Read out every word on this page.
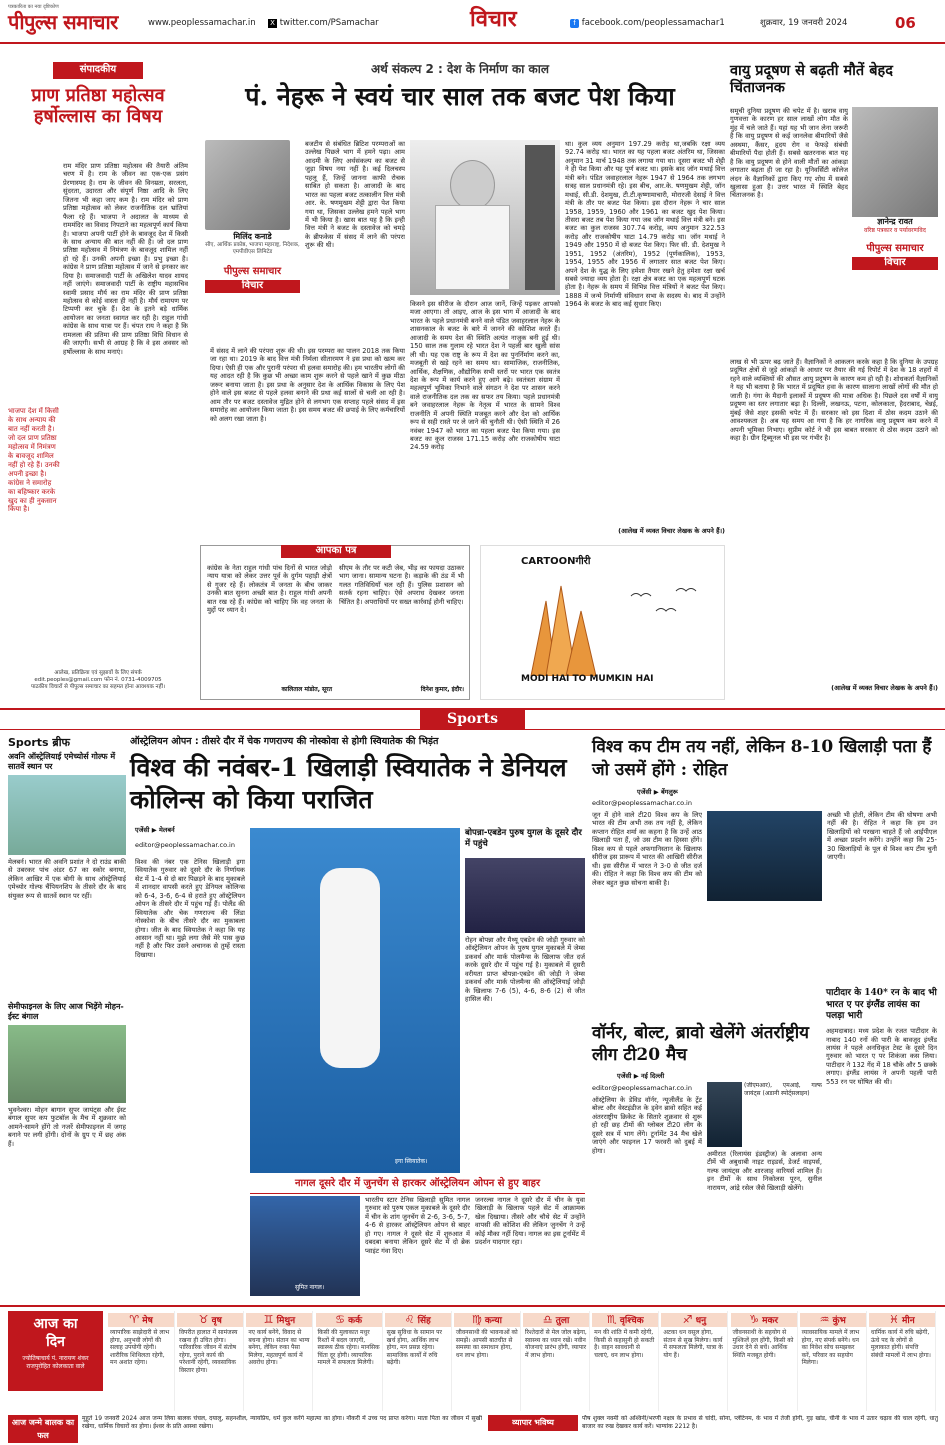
पत्रकारिता का नया दृष्टिकोण
पीपुल्स समाचार	www.peoplessamachar.in X twitter.com/PSamachar	विचार	f facebook.com/peoplessamachar1	शुक्रवार, 19 जनवरी 2024	06
संपादकीय
प्राण प्रतिष्ठा महोत्सव हर्षोल्लास का विषय
राम मंदिर प्राण प्रतिष्ठा महोत्सव की तैयारी अंतिम चरण में है। राम के जीवन का एक-एक प्रसंग प्रेरणास्पद है। राम के जीवन की विनम्रता, सरलता, सुंदरता, उदारता और संपूर्ण निष्ठा आदि के लिए जितना भी कहा जाए कम है। राम मंदिर को प्राण प्रतिष्ठा महोत्सव को लेकर राजनीतिक दल भ्रांतियां फैला रहे हैं। भाजपा ने अदालत के माध्यम से राममंदिर का विवाद निपटाने का महत्वपूर्ण कार्य किया है। भाजपा अपनी पार्टी होने के बावजूद देश में किसी के साथ अन्याय की बात नहीं की है। जो दल प्राण प्रतिष्ठा महोत्सव में निमंत्रण के बावजूद शामिल नहीं हो रहे हैं। उनकी अपनी इच्छा है। प्रभु इच्छा है। कांग्रेस ने प्राण प्रतिष्ठा महोत्सव में जाने से इनकार कर दिया है। समाजवादी पार्टी के अखिलेश यादव शायद नहीं जाएंगे। समाजवादी पार्टी के राष्ट्रीय महासचिव स्वामी प्रसाद मौर्य का राम मंदिर की प्राण प्रतिष्ठा महोत्सव से कोई वास्ता ही नहीं है। मौर्य रामायण पर टिप्पणी कर चुके हैं। देश के इतने बड़े धार्मिक आयोजन का जनता स्वागत कर रही है। राहुल गांधी कांग्रेस के साथ यात्रा पर हैं। चंपत राय ने कहा है कि रामलला की प्रतिमा की प्राण प्रतिष्ठा विधि विधान से की जाएगी। सभी से आग्रह है कि वे इस अवसर को हर्षोल्लास के साथ मनाएं।
भाजपा देश में किसी के साथ अन्याय की बात नहीं करती है। जो दल प्राण प्रतिष्ठा महोत्सव में निमंत्रण के बावजूद शामिल नहीं हो रहे हैं। उनकी अपनी इच्छा है। कांग्रेस ने समारोह का बहिष्कार करके खुद का ही नुकसान किया है।
आलेख, प्रतिक्रिया एवं सुझावों के लिए संपर्क
edit.peoples@gmail.com फोन नं. 0731-4009705
पाठकीय विचारों से पीपुल्स समाचार का सहमत होना आवश्यक नहीं।
अर्थ संकल्प 2 : देश के निर्माण का काल
पं. नेहरू ने स्वयं चार साल तक बजट पेश किया
मिलिंद कनाडे
सीए, आर्थिक प्रकोष्ठ, भाजपा महाराष्ट्र, निदेशक, एमपीवीएस लिमिटेड
पीपुल्स समाचार
विचार
बजटीय से संबंधित ब्रिटिश परम्पराओं का उल्लेख पिछले भाग में हमने पढ़ा। आम आदमी के लिए अर्थसंकल्प का बजट से जुड़ा विषय नया नहीं है। कई दिलचस्प पहलू हैं, जिन्हें जानना काफी रोचक साबित हो सकता है। आजादी के बाद भारत का पहला बजट तत्कालीन वित्त मंत्री आर. के. षणमुखम शेट्टी द्वारा पेश किया गया था, जिसका उल्लेख हमने पहले भाग में भी किया है। खास बात यह है कि इन्ही वित्त मंत्री ने बजट के दस्तावेज को चमड़े के ब्रीफकेस में संसद में लाने की परंपरा शुरू की थी।
में संसद में लाने की परंपरा शुरू की थी। इस परम्परा का पालन 2018 तक किया जा रहा था। 2019 के बाद वित्त मंत्री निर्मला सीतारमण ने इस प्रथा को खत्म कर दिया। ऐसी ही एक और पुरानी परंपरा थी हलवा समारोह की। हम भारतीय लोगों की यह आदत रही है कि कुछ भी अच्छा काम शुरू करने से पहले खाने में कुछ मीठा जरूर बनाया जाता है। इस प्रथा के अनुसार देश के आर्थिक विकास के लिए पेश होने वाले इस बजट से पहले हलवा बनाने की प्रथा कई सालों से चली आ रही है। आम तौर पर बजट दस्तावेज मुद्रित होने से लगभग एक सप्ताह पहले संसद में इस समारोह का आयोजन किया जाता है। इस समय बजट की छपाई के लिए कर्मचारियों को अलग रखा जाता है।
किसने इस सीरीज के दौरान आज जानें, जिन्हें पढ़कर आपको मजा आएगा। तो आइए, आज के इस भाग में आजादी के बाद भारत के पहले प्रधानमंत्री बनने वाले पंडित जवाहरलाल नेहरू के शासनकाल के बजट के बारे में जानने की कोशिश करते हैं। आजादी के समय देश की स्थिति अत्यंत नाजुक बनी हुई थी। 150 साल तक गुलाम रहे भारत देश ने पहली बार खुली सांस ली थी। यह एक राष्ट्र के रूप में देश का पुनर्निर्माण करने का, मजबूती से खड़े रहने का समय था। सामाजिक, राजनीतिक, आर्थिक, शैक्षणिक, औद्योगिक सभी स्तरों पर भारत एक स्वतंत्र देश के रूप में कार्य करने हुए आगे बढ़े। स्वतंत्रता संग्राम में महत्वपूर्ण भूमिका निभाने वाले संगठन ने देश पर शासन करने वाले राजनीतिक दल तक का सफर तय किया। पहले प्रधानमंत्री बने जवाहरलाल नेहरू के नेतृत्व में भारत के सामने विश्व राजनीति में अपनी स्थिति मजबूत करने और देश को आर्थिक रूप से सही रास्ते पर ले जाने की चुनौती थी। ऐसी स्थिति में 26 नवंबर 1947 को भारत का पहला बजट पेश किया गया। इस बजट का कुल राजस्व 171.15 करोड़ और राजकोषीय घाटा 24.59 करोड़
था। कुल व्यय अनुमान 197.29 करोड़ था,जबकि रक्षा व्यय 92.74 करोड़ था। भारत का यह पहला बजट अंतरिम था, जिसका अनुमान 31 मार्च 1948 तक लगाया गया था। दूसरा बजट भी शेट्टी ने ही पेश किया और यह पूर्ण बजट था। इसके बाद जॉन मथाई वित्त मंत्री बने। पंडित जवाहरलाल नेहरू 1947 से 1964 तक लगभग सत्रह साल प्रधानमंत्री रहे। इस बीच, आर.के. षणमुखम शेट्टी, जॉन मथाई, सी.डी. देशमुख, टी.टी.कृष्णामाचारी, मोरारजी देसाई ने वित्त मंत्री के तौर पर बजट पेश किया। इस दौरान नेहरू ने चार साल 1958, 1959, 1960 और 1961 का बजट खुद पेश किया। तीसरा बजट तब पेश किया गया जब जॉन मथाई वित्त मंत्री बने। इस बजट का कुल राजस्व 307.74 करोड़, व्यय अनुमान 322.53 करोड़ और राजकोषीय घाटा 14.79 करोड़ था। जॉन मथाई ने 1949 और 1950 में दो बजट पेश किए। फिर सी. डी. देशमुख ने 1951, 1952 (अंतरिम), 1952 (पूर्णकालिक), 1953, 1954, 1955 और 1956 में लगातार सात बजट पेश किए। अपने देश के युद्ध के लिए हमेशा तैयार रखने हेतु हमेशा रक्षा खर्च सबसे ज्यादा व्यय होता है। रक्षा क्षेत्र बजट का एक महत्वपूर्ण घटक होता है। नेहरू के समय में विभिन्न वित्त मंत्रियों ने बजट पेश किए। 1888 में जन्मे निर्माणी संविधान सभा के सदस्य थे। बाद में उन्होंने 1964 के बजट के बाद कई सुधार किए।
(आलेख में व्यक्त विचार लेखक के अपने हैं।)
वायु प्रदूषण से बढ़ती मौतें बेहद चिंताजनक
समूची दुनिया प्रदूषण की चपेट में है। खराब वायु गुणवत्ता के कारण हर साल लाखों लोग मौत के मुंह में चले जाते हैं। यहां यह भी जान लेना जरूरी है कि वायु प्रदूषण से कई जानलेवा बीमारियों जैसे अस्थमा, कैंसर, हृदय रोग व फेफड़े संबंधी बीमारियों पैदा होती हैं। सबसे खतरनाक बात यह है कि वायु प्रदूषण से होने वाली मौतों का आंकड़ा लगातार बढ़ता ही जा रहा है। यूनिवर्सिटी कॉलेज लंदन के वैज्ञानिकों द्वारा किए गए शोध में सबसे खुलासा हुआ है। उत्तर भारत में स्थिति बेहद चिंताजनक है।
ज्ञानेन्द्र रावत
वरिष्ठ पत्रकार व पर्यावरणविद
पीपुल्स समाचार
विचार
लाख से भी ऊपर बढ़ जाते हैं। वैज्ञानिकों ने आकलन करके कहा है कि दुनिया के उपग्रह प्रदूषित क्षेत्रों से जुड़े आंकड़ों के आधार पर तैयार की गई रिपोर्ट में देश के 18 शहरों में रहने वाले व्यक्तियों की औसत आयु प्रदूषण के कारण कम हो रही है। शोधकर्ता वैज्ञानिकों ने यह भी बताया है कि भारत में प्रदूषित हवा के कारण सालाना लाखों लोगों की मौत हो जाती है। गंगा के मैदानी इलाकों में प्रदूषण की मात्रा अधिक है। पिछले दस वर्षों में वायु प्रदूषण का स्तर लगातार बढ़ा है। दिल्ली, लखनऊ, पटना, कोलकाता, हैदराबाद, चेन्नई, मुंबई जैसे शहर इसकी चपेट में हैं। सरकार को इस दिशा में ठोस कदम उठाने की आवश्यकता है। अब यह समय आ गया है कि हर नागरिक वायु प्रदूषण कम करने में अपनी भूमिका निभाए। सुप्रीम कोर्ट ने भी इस बाबत सरकार से ठोस कदम उठाने को कहा है। ग्रीन ट्रिब्यूनल भी इस पर गंभीर है।
(आलेख में व्यक्त विचार लेखक के अपने हैं।)
आपका पत्र
कांग्रेस के नेता राहुल गांधी पांच दिनों से भारत जोड़ो न्याय यात्रा को लेकर उत्तर पूर्व के दुर्गम पहाड़ी क्षेत्रों से गुजर रहे हैं। लोकतंत्र में जनता के बीच जाकर उनकी बात सुनना अच्छी बात है। राहुल गांधी अपनी बात रख रहे हैं। कांग्रेस को चाहिए कि वह जनता के मुद्दों पर ध्यान दे।
कालिताल मांडोत, सूरत
सीएम के तौर पर कटी जेब, भीड़ का फायदा उठाकर भाग जाना। सामान्य घटना है। कड़ाके की ठंड में भी गलत गतिविधियाँ चल रही हैं। पुलिस प्रशासन को सतर्क रहना चाहिए। ऐसे अपराध देखकर जनता चिंतित है। अपराधियों पर सख्त कार्रवाई होनी चाहिए।
दिनेश कुमार, इंदौर।
CARTOONगीरी
MODI HAI TO MUMKIN HAI
Sports
Sports ब्रीफ
अवनि ऑस्ट्रेलियाई एमेच्योर्स गोल्फ में सातवें स्थान पर
मेलबर्न। भारत की अवनि प्रशांत ने दो राउंड बाकी से उबरकर पांच अंडर 67 का स्कोर बनाया, लेकिन आखिर में एक बोगी के साथ ऑस्ट्रेलियाई एमेच्योर गोल्फ चैंपियनशिप के तीसरे दौर के बाद संयुक्त रूप से सातवें स्थान पर रहीं।
सेमीफाइनल के लिए आज भिड़ेंगे मोहन-ईस्ट बंगाल
भुवनेश्वर। मोहन बागान सुपर जायंट्स और ईस्ट बंगाल सुपर कप फुटबॉल के मैच में शुक्रवार को आमने-सामने होंगे तो नजरें सेमीफाइनल में जगह बनाने पर लगी होंगी। दोनों के ग्रुप ए में छह अंक हैं।
ऑस्ट्रेलियन ओपन : तीसरे दौर में चेक गणराज्य की नोस्कोवा से होगी स्वियातेक की भिड़ंत
विश्व की नवंबर-1 खिलाड़ी स्वियातेक ने डेनियल कोलिन्स को किया पराजित
एजेंसी ▶ मेलबर्न
editor@peoplessamachar.co.in
विश्व की नंबर एक टेनिस खिलाड़ी इगा स्वियातेक गुरुवार को दूसरे दौर के निर्णायक सेट में 1-4 से दो बार पिछड़ने के बाद मुकाबले में शानदार वापसी करते हुए डेनियल कोलिन्स को 6-4, 3-6, 6-4 से हराते हुए ऑस्ट्रेलियन ओपन के तीसरे दौर में पहुंच गई हैं। पोलैंड की स्वियातेक और चेक गणराज्य की लिंडा नोस्कोवा के बीच तीसरे दौर का मुकाबला होगा। जीत के बाद स्वियातेक ने कहा कि यह आसान नहीं था। मुझे लगा जैसे मेरे पास कुछ नहीं है और फिर उसने अचानक से तुम्हें रास्ता दिखाया।
इगा स्वियातेक।
बोपन्ना-एबडेन पुरुष युगल के दूसरे दौर में पहुंचे
रोहन बोपन्ना और मैथ्यू एबडेन की जोड़ी गुरुवार को ऑस्ट्रेलियन ओपन के पुरुष युगल मुकाबले में जेम्स डकवर्थ और मार्क पोलमैन्स के खिलाफ जीत दर्ज करके दूसरे दौर में पहुंच गई है। मुकाबले में दूसरी वरीयता प्राप्त बोपन्ना-एबडेन की जोड़ी ने जेम्स डकवर्थ और मार्क पोलमैन्स की ऑस्ट्रेलियाई जोड़ी के खिलाफ 7-6 (5), 4-6, 8-6 (2) से जीत हासिल की।
नागल दूसरे दौर में जुनचेंग से हारकर ऑस्ट्रेलियन ओपन से हुए बाहर
सुमित नागल।
भारतीय स्टार टेनिस खिलाड़ी सुमित नागल गुरुवार को पुरुष एकल मुकाबले के दूसरे दौर में चीन के शांग जुनचेंग से 2-6, 3-6, 5-7, 4-6 से हारकर ऑस्ट्रेलियन ओपन से बाहर हो गए। नागल ने दूसरे सेट में शुरुआत में दबदबा बनाया लेकिन दूसरे सेट में दो ब्रेक प्वाइंट गंवा दिए।
जनरल्स नागल ने दूसरे दौर में चीन के युवा खिलाड़ी के खिलाफ पहले सेट में आक्रामक खेल दिखाया। तीसरे और चौथे सेट में उन्होंने वापसी की कोशिश की लेकिन जुनचेंग ने उन्हें कोई मौका नहीं दिया। नागल का इस टूर्नामेंट में प्रदर्शन यादगार रहा।
विश्व कप टीम तय नहीं, लेकिन 8-10 खिलाड़ी पता हैं जो उसमें होंगे : रोहित
एजेंसी ▶ बेंगलुरू
editor@peoplessamachar.co.in
जून में होने वाले टी20 विश्व कप के लिए भारत की टीम अभी तक तय नहीं है, लेकिन कप्तान रोहित शर्मा का कहना है कि उन्हें आठ खिलाड़ी पता हैं, जो उस टीम का हिस्सा होंगे। विश्व कप से पहले अफगानिस्तान के खिलाफ सीरीज इस प्रारूप में भारत की आखिरी सीरीज थी। इस सीरीज में भारत ने 3-0 से जीत दर्ज की। रोहित ने कहा कि विश्व कप की टीम को लेकर बहुत कुछ सोचना बाकी है।
अच्छी भी होती, लेकिन टीम की घोषणा अभी नहीं की है। रोहित ने कहा कि हम उन खिलाड़ियों को परखना चाहते हैं जो आईपीएल में अच्छा प्रदर्शन करेंगे। उन्होंने कहा कि 25-30 खिलाड़ियों के पूल से विश्व कप टीम चुनी जाएगी।
पाटीदार के 140* रन के बाद भी भारत ए पर इंग्लैंड लायंस का पलड़ा भारी
अहमदाबाद। मध्य प्रदेश के रजत पाटीदार के नाबाद 140 रनों की पारी के बावजूद इंग्लैंड लायंस ने पहले अनधिकृत टेस्ट के दूसरे दिन गुरुवार को भारत ए पर शिकंजा कस लिया। पाटीदार ने 132 गेंद में 18 चौके और 5 छक्के लगाए। इंग्लैंड लायंस ने अपनी पहली पारी 553 रन पर घोषित की थी।
वॉर्नर, बोल्ट, ब्रावो खेलेंगे अंतर्राष्ट्रीय लीग टी20 मैच
एजेंसी ▶ नई दिल्ली
editor@peoplessamachar.co.in
ऑस्ट्रेलिया के डेविड वॉर्नर, न्यूजीलैंड के ट्रेंट बोल्ट और वेस्टइंडीज के ड्वेन ब्रावो सहित कई अंतरराष्ट्रीय क्रिकेट के सितारे शुक्रवार से शुरू हो रही छह टीमों की ग्लोबल टी20 लीग के दूसरे सत्र में भाग लेंगे। टूर्नामेंट 34 मैच खेले जाएंगे और फाइनल 17 फरवरी को दुबई में होगा।	अमीरात (रिलायंस इंडस्ट्रीज) के अलावा अन्य टीमें भी अबुधाबी नाइट राइडर्स, डेजर्ट वाइपर्स, गल्फ जायंट्स और शारजाह वारियर्स शामिल हैं। इन टीमों के साथ निकोलस पूरन, सुनील नारायण, आंद्रे रसेल जैसे खिलाड़ी खेलेंगे।
(जीएमआर), एमआई, गल्फ जायंट्स (अडानी स्पोर्ट्सलाइन)
आज का
दिन
ज्योतिषाचार्य पं. नारायण शंकर राजपुरोहित कोलकाता वाले
♈ मेष
व्यापारिक साझेदारी से लाभ होगा, अनुभवी लोगों की सलाह उपयोगी रहेगी। शारीरिक शिथिलता रहेगी, मन अशांत रहेगा।
♉ वृष
विपरीत हालात में सामंजस्य रखना ही उचित होगा। पारिवारिक जीवन में संतोष रहेगा, पुराने कार्य की परेशानी रहेगी, व्यवसायिक विस्तार होगा।
♊ मिथुन
नए कार्य बनेंगे, विवाद से बचना होगा। संतान का भाग्य बनेगा, लेकिन रुका पैसा मिलेगा, महत्वपूर्ण कार्य में अवरोध होगा।
♋ कर्क
किसी की मुलाकात मधुर रिश्तों में बदल जाएगी, स्वास्थ्य ठीक रहेगा। मानसिक चिंता दूर होगी। व्यापारिक मामले में सफलता मिलेगी।
♌ सिंह
सुख सुविधा के सामान पर खर्च होगा, आर्थिक लाभ होगा, मन प्रसन्न रहेगा। सामाजिक कार्यों में रुचि बढ़ेगी।
♍ कन्या
जीवनसाथी की भावनाओं को समझें। आपसी बातचीत से समस्या का समाधान होगा, धन लाभ होगा।
♎ तुला
रिश्तेदारों से मेल जोल बढ़ेगा, स्वास्थ्य का ध्यान रखें। नवीन योजनाएं प्रारंभ होंगी, व्यापार में लाभ होगा।
♏ वृश्चिक
मन की शांति में कमी रहेगी, किसी से कहासुनी हो सकती है। वाहन सावधानी से चलाएं, धन लाभ होगा।
♐ धनु
अटका धन वसूल होगा, संतान से सुख मिलेगा। कार्य में सफलता मिलेगी, यात्रा के योग हैं।
♑ मकर
जीवनसाथी के सहयोग से मुश्किलें हल होंगी, किसी को उधार देने से बचें। आर्थिक स्थिति मजबूत होगी।
♒ कुंभ
व्यावसायिक मामले में लाभ होगा, नए संपर्क बनेंगे। धन का निवेश सोच समझकर करें, परिवार का सहयोग मिलेगा।
♓ मीन
धार्मिक कार्य में रुचि बढ़ेगी, ऊंचे पद के लोगों से मुलाकात होगी। संपत्ति संबंधी मामलों में लाभ होगा।
आज जन्मे बालक का फल
मुहूर्त 19 जनवरी 2024 आज जन्म लिया बालक चंचल, दयालु, सहनशील, न्यायप्रिय, धर्म कुल करेंगे महात्मा का होगा। नौकरी में उच्च पद प्राप्त करेगा। माता पिता का जीवन में सुखी रखेगा, धार्मिक विचारों का होगा। ईश्वर के प्रति आस्था रखेगा।	व्यापार भविष्य	पौष शुक्ल नवमी को अश्विनी/भरणी नक्षत्र के प्रभाव से चांदी, सोना, प्लेटिनम, के भाव में तेजी होगी, गुड़ खांड, चीनी के भाव में उतार चढ़ाव की चाल रहेगी, धातु बाजार का रुख देखकर कार्य करें। भाग्यांक 2212 है।
